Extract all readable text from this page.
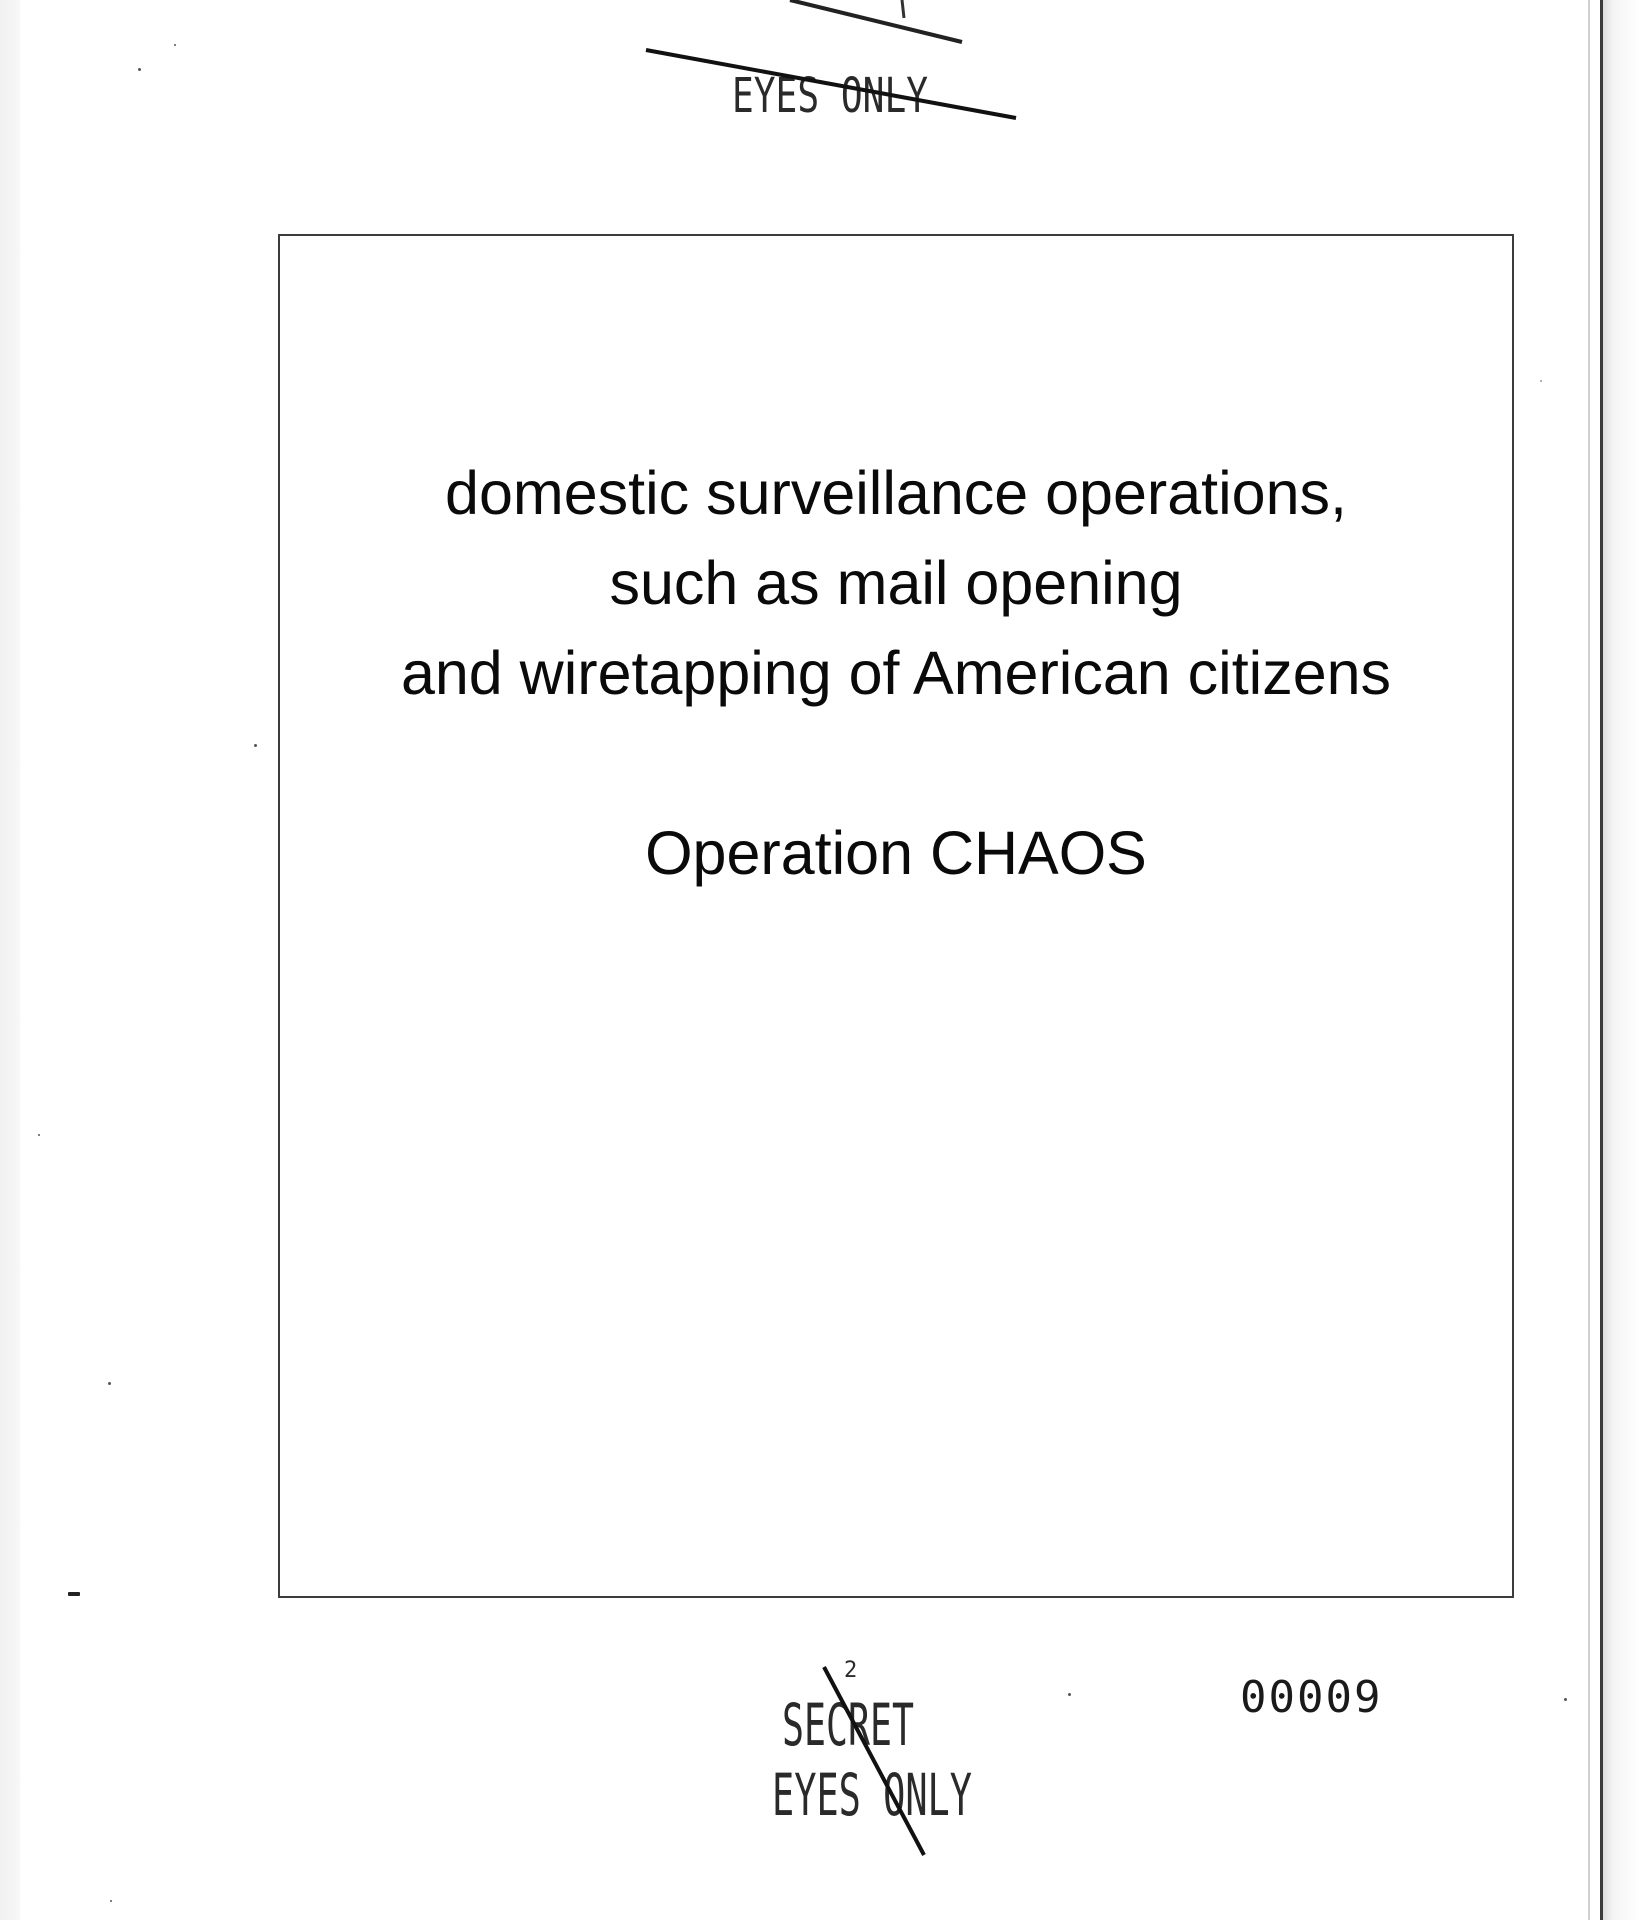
EYES ONLY
domestic surveillance operations,
such as mail opening
and wiretapping of American citizens
Operation CHAOS
2
SECRET
EYES ONLY
00009
